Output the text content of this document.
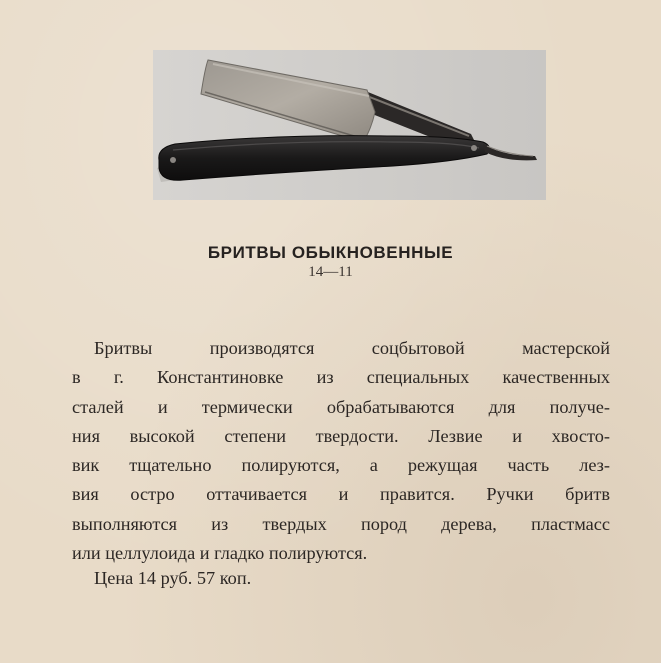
БРИТВЫ ОБЫКНОВЕННЫЕ
14—11
Бритвы производятся соцбытовой мастерской
в г. Константиновке из специальных качественных
сталей и термически обрабатываются для получе-
ния высокой степени твердости. Лезвие и хвосто-
вик тщательно полируются, а режущая часть лез-
вия остро оттачивается и правится. Ручки бритв
выполняются из твердых пород дерева, пластмасс
или целлулоида и гладко полируются.
Цена 14 руб. 57 коп.
